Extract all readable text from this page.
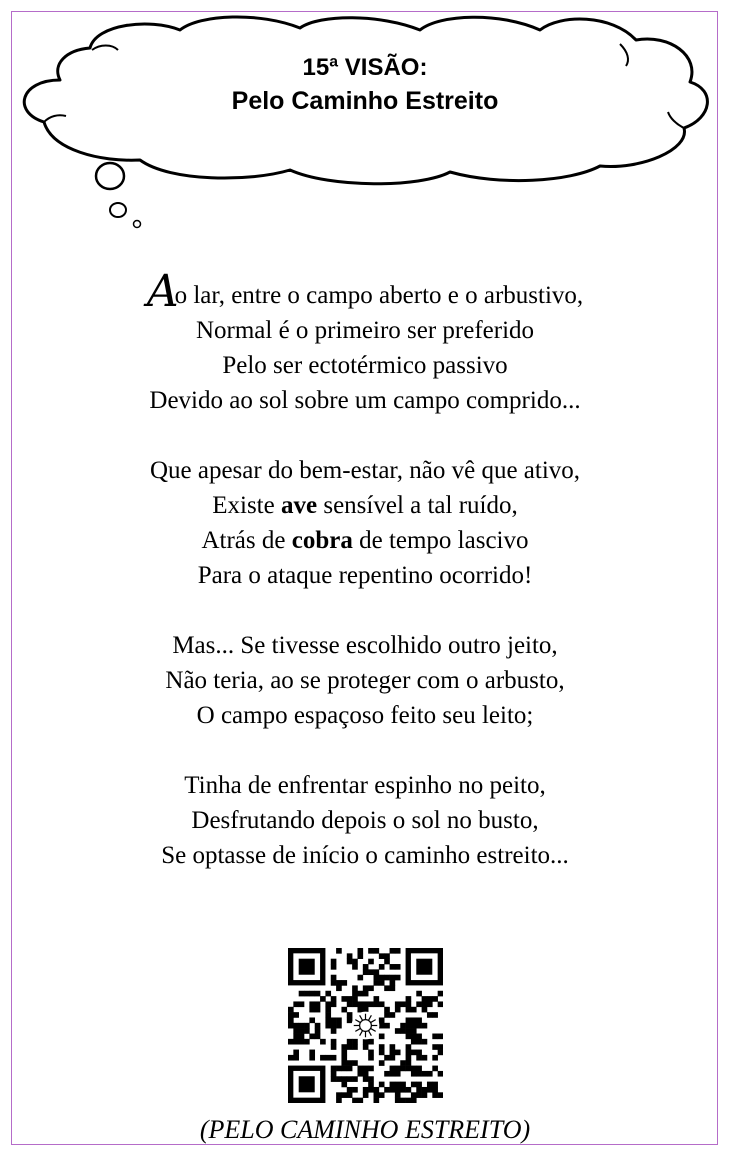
15ª VISÃO:
Pelo Caminho Estreito
Ao lar, entre o campo aberto e o arbustivo,
Normal é o primeiro ser preferido
Pelo ser ectotérmico passivo
Devido ao sol sobre um campo comprido...
Que apesar do bem-estar, não vê que ativo,
Existe ave sensível a tal ruído,
Atrás de cobra de tempo lascivo
Para o ataque repentino ocorrido!
Mas... Se tivesse escolhido outro jeito,
Não teria, ao se proteger com o arbusto,
O campo espaçoso feito seu leito;
Tinha de enfrentar espinho no peito,
Desfrutando depois o sol no busto,
Se optasse de início o caminho estreito...
(PELO CAMINHO ESTREITO)
